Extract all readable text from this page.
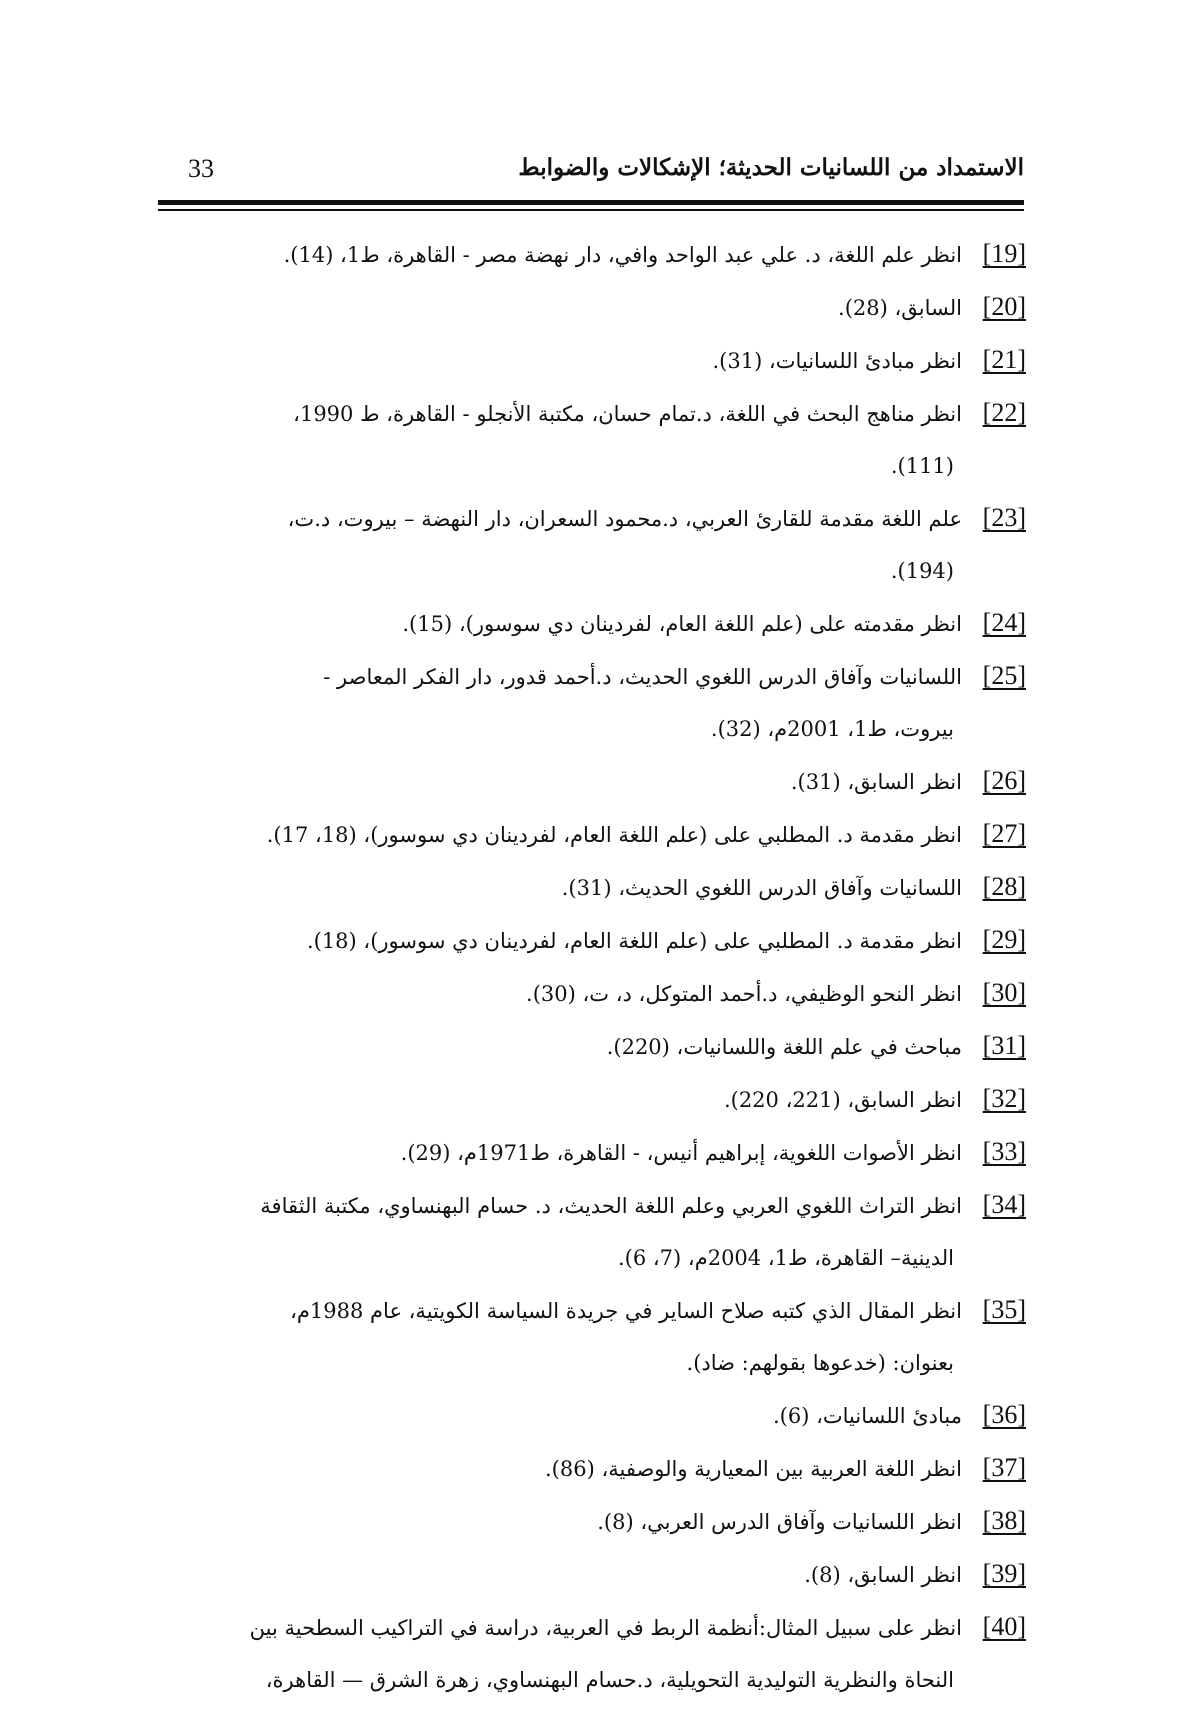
الاستمداد من اللسانيات الحديثة؛ الإشكالات والضوابط
33
[19]انظر علم اللغة، د. علي عبد الواحد وافي، دار نهضة مصر - القاهرة، ط1، (14).
[20]السابق، (28).
[21]انظر مبادئ اللسانيات، (31).
[22]انظر مناهج البحث في اللغة، د.تمام حسان، مكتبة الأنجلو - القاهرة، ط 1990،
(111).
[23]علم اللغة مقدمة للقارئ العربي، د.محمود السعران، دار النهضة – بيروت، د.ت،
(194).
[24]انظر مقدمته على (علم اللغة العام، لفردينان دي سوسور)، (15).
[25]اللسانيات وآفاق الدرس اللغوي الحديث، د.أحمد قدور، دار الفكر المعاصر -
بيروت، ط1، 2001م، (32).
[26]انظر السابق، (31).
[27]انظر مقدمة د. المطلبي على (علم اللغة العام، لفردينان دي سوسور)، (18، 17).
[28]اللسانيات وآفاق الدرس اللغوي الحديث، (31).
[29]انظر مقدمة د. المطلبي على (علم اللغة العام، لفردينان دي سوسور)، (18).
[30]انظر النحو الوظيفي، د.أحمد المتوكل، د، ت، (30).
[31]مباحث في علم اللغة واللسانيات، (220).
[32]انظر السابق، (221، 220).
[33]انظر الأصوات اللغوية، إبراهيم أنيس، - القاهرة، ط1971م، (29).
[34]انظر التراث اللغوي العربي وعلم اللغة الحديث، د. حسام البهنساوي، مكتبة الثقافة
الدينية– القاهرة، ط1، 2004م، (7، 6).
[35]انظر المقال الذي كتبه صلاح الساير في جريدة السياسة الكويتية، عام 1988م،
بعنوان: (خدعوها بقولهم: ضاد).
[36]مبادئ اللسانيات، (6).
[37]انظر اللغة العربية بين المعيارية والوصفية، (86).
[38]انظر اللسانيات وآفاق الدرس العربي، (8).
[39]انظر السابق، (8).
[40]انظر على سبيل المثال:أنظمة الربط في العربية، دراسة في التراكيب السطحية بين
النحاة والنظرية التوليدية التحويلية، د.حسام البهنساوي، زهرة الشرق — القاهرة،
